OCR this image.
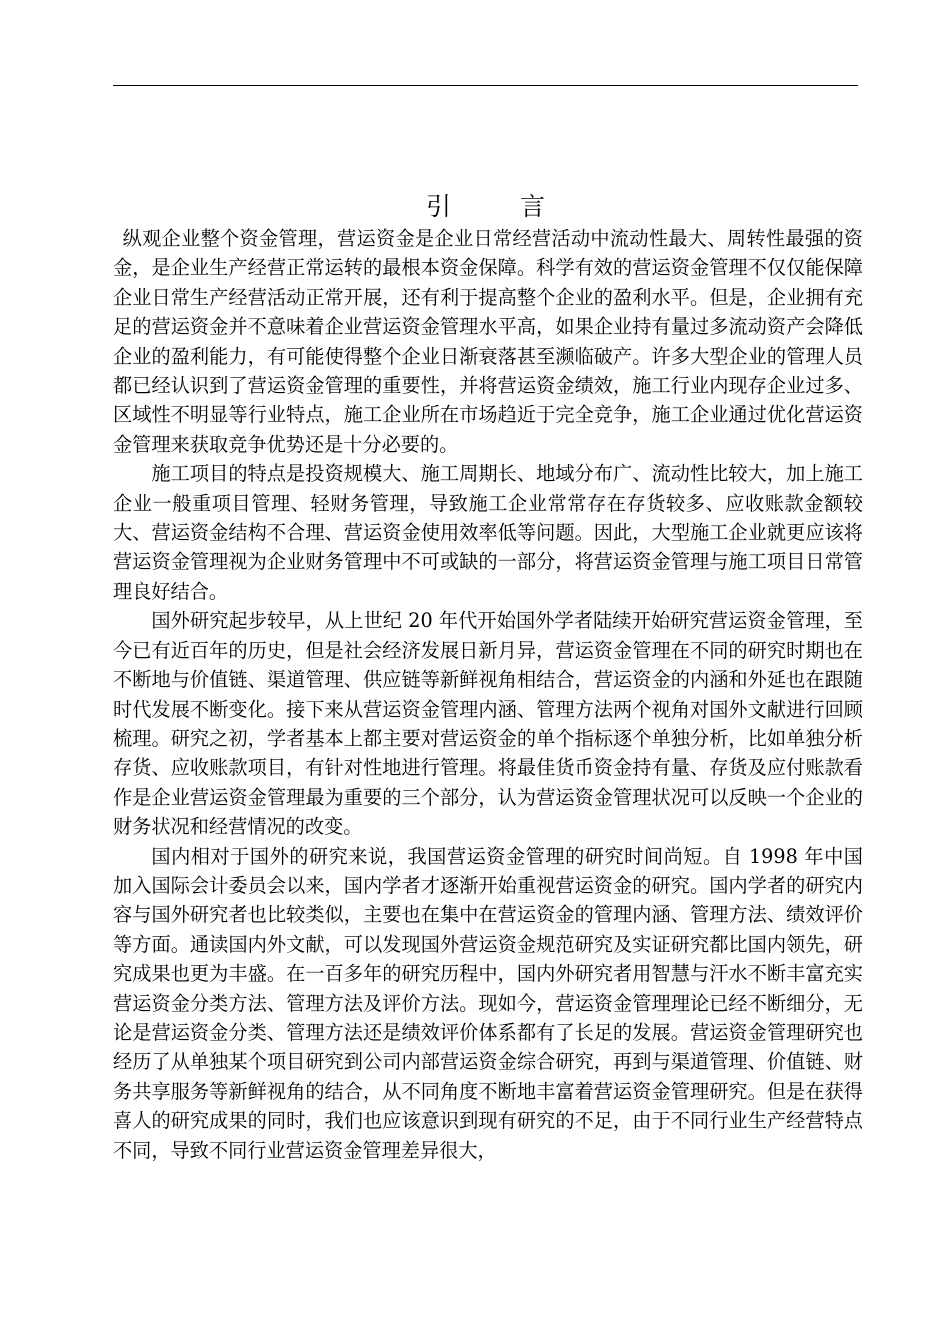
引　言

纵观企业整个资金管理，营运资金是企业日常经营活动中流动性最大、周转性最强的资金，是企业生产经营正常运转的最根本资金保障。科学有效的营运资金管理不仅仅能保障企业日常生产经营活动正常开展，还有利于提高整个企业的盈利水平。但是，企业拥有充足的营运资金并不意味着企业营运资金管理水平高，如果企业持有量过多流动资产会降低企业的盈利能力，有可能使得整个企业日渐衰落甚至濒临破产。许多大型企业的管理人员都已经认识到了营运资金管理的重要性，并将营运资金绩效，施工行业内现存企业过多、区域性不明显等行业特点，施工企业所在市场趋近于完全竞争，施工企业通过优化营运资金管理来获取竞争优势还是十分必要的。

施工项目的特点是投资规模大、施工周期长、地域分布广、流动性比较大，加上施工企业一般重项目管理、轻财务管理，导致施工企业常常存在存货较多、应收账款金额较大、营运资金结构不合理、营运资金使用效率低等问题。因此，大型施工企业就更应该将营运资金管理视为企业财务管理中不可或缺的一部分，将营运资金管理与施工项目日常管理良好结合。

国外研究起步较早，从上世纪 20 年代开始国外学者陆续开始研究营运资金管理，至今已有近百年的历史，但是社会经济发展日新月异，营运资金管理在不同的研究时期也在不断地与价值链、渠道管理、供应链等新鲜视角相结合，营运资金的内涵和外延也在跟随时代发展不断变化。接下来从营运资金管理内涵、管理方法两个视角对国外文献进行回顾梳理。研究之初，学者基本上都主要对营运资金的单个指标逐个单独分析，比如单独分析存货、应收账款项目，有针对性地进行管理。将最佳货币资金持有量、存货及应付账款看作是企业营运资金管理最为重要的三个部分，认为营运资金管理状况可以反映一个企业的财务状况和经营情况的改变。

国内相对于国外的研究来说，我国营运资金管理的研究时间尚短。自 1998 年中国加入国际会计委员会以来，国内学者才逐渐开始重视营运资金的研究。国内学者的研究内容与国外研究者也比较类似，主要也在集中在营运资金的管理内涵、管理方法、绩效评价等方面。通读国内外文献，可以发现国外营运资金规范研究及实证研究都比国内领先，研究成果也更为丰盛。在一百多年的研究历程中，国内外研究者用智慧与汗水不断丰富充实营运资金分类方法、管理方法及评价方法。现如今，营运资金管理理论已经不断细分，无论是营运资金分类、管理方法还是绩效评价体系都有了长足的发展。营运资金管理研究也经历了从单独某个项目研究到公司内部营运资金综合研究，再到与渠道管理、价值链、财务共享服务等新鲜视角的结合，从不同角度不断地丰富着营运资金管理研究。但是在获得喜人的研究成果的同时，我们也应该意识到现有研究的不足，由于不同行业生产经营特点不同，导致不同行业营运资金管理差异很大，
